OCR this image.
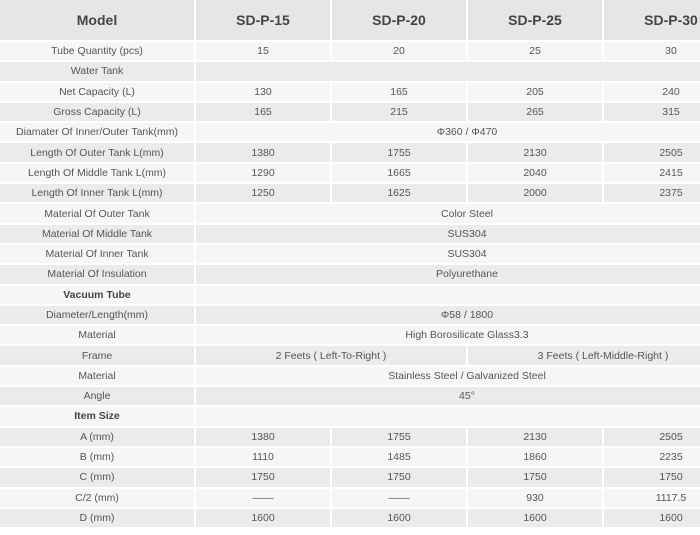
Model	SD-P-15	SD-P-20	SD-P-25	SD-P-30
Tube Quantity (pcs)	15	20	25	30
Water Tank				
Net Capacity (L)	130	165	205	240
Gross Capacity (L)	165	215	265	315
Diamater Of Inner/Outer Tank(mm)	Φ360 / Φ470			
Length Of Outer Tank L(mm)	1380	1755	2130	2505
Length Of Middle Tank L(mm)	1290	1665	2040	2415
Length Of Inner Tank L(mm)	1250	1625	2000	2375
Material Of Outer Tank	Color Steel			
Material Of Middle Tank	SUS304			
Material Of Inner Tank	SUS304			
Material Of Insulation	Polyurethane			
Vacuum Tube				
Diameter/Length(mm)	Φ58 / 1800			
Material	High Borosilicate Glass3.3			
Frame	2 Feets ( Left-To-Right )		3 Feets ( Left-Middle-Right )	
Material	Stainless Steel / Galvanized Steel			
Angle	45°			
Item Size				
A (mm)	1380	1755	2130	2505
B (mm)	1110	1485	1860	2235
C (mm)	1750	1750	1750	1750
C/2 (mm)	——	——	930	1117.5
D (mm)	1600	1600	1600	1600
